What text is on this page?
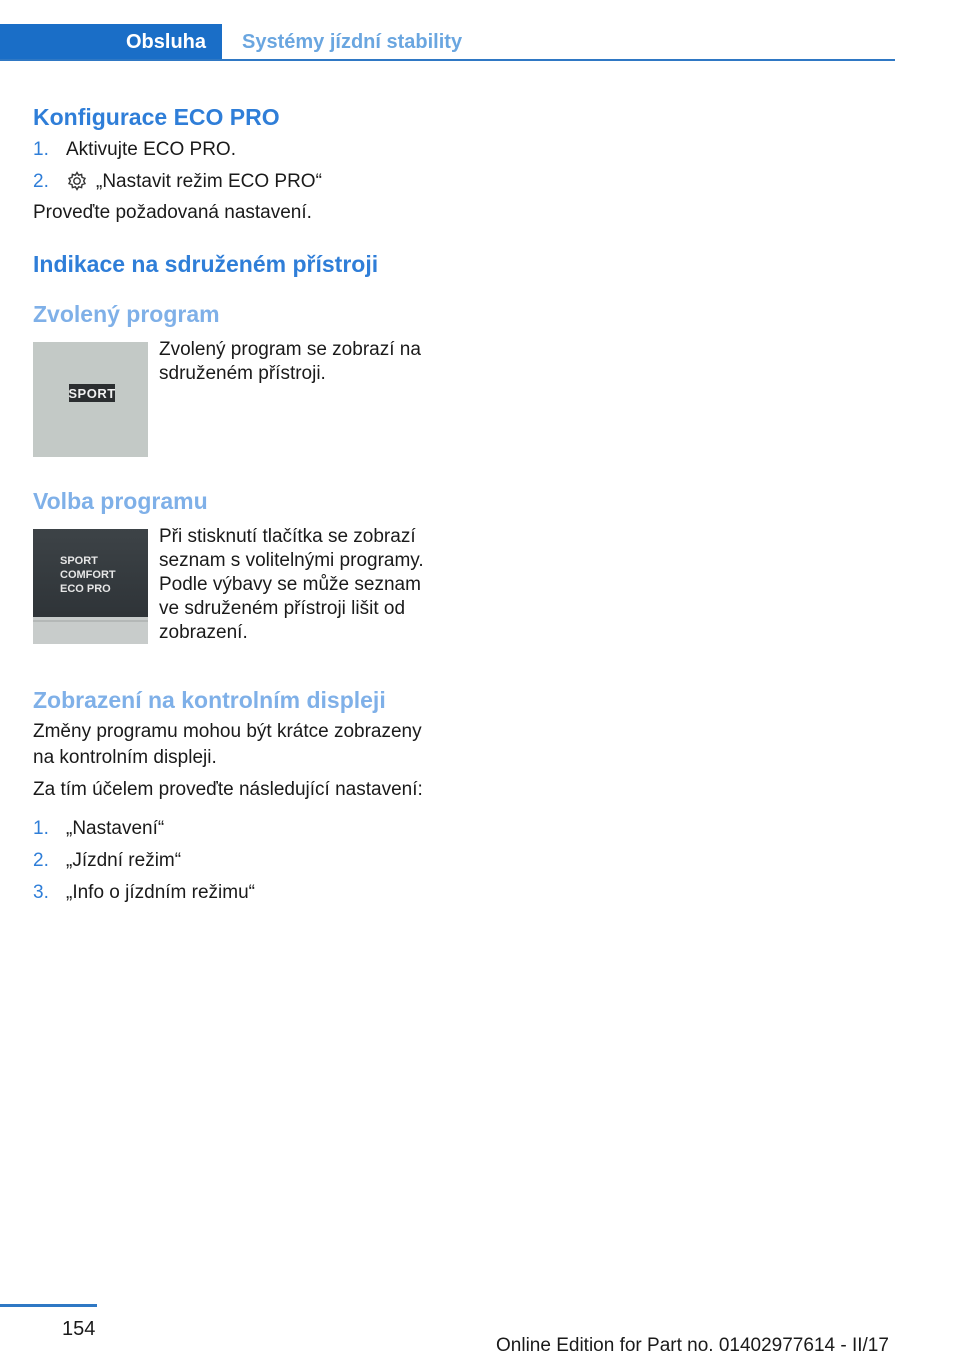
Obsluha	Systémy jízdní stability
Konfigurace ECO PRO
1. Aktivujte ECO PRO.
2. „Nastavit režim ECO PRO“
Proveďte požadovaná nastavení.
Indikace na sdruženém přístroji
Zvolený program
SPORT
Zvolený program se zobrazí na
sdruženém přístroji.
Volba programu
SPORT
COMFORT
ECO PRO
Při stisknutí tlačítka se zobrazí
seznam s volitelnými programy.
Podle výbavy se může seznam
ve sdruženém přístroji lišit od
zobrazení.
Zobrazení na kontrolním displeji
Změny programu mohou být krátce zobrazeny
na kontrolním displeji.
Za tím účelem proveďte následující nastavení:
1. „Nastavení“
2. „Jízdní režim“
3. „Info o jízdním režimu“
154
Online Edition for Part no. 01402977614 - II/17
